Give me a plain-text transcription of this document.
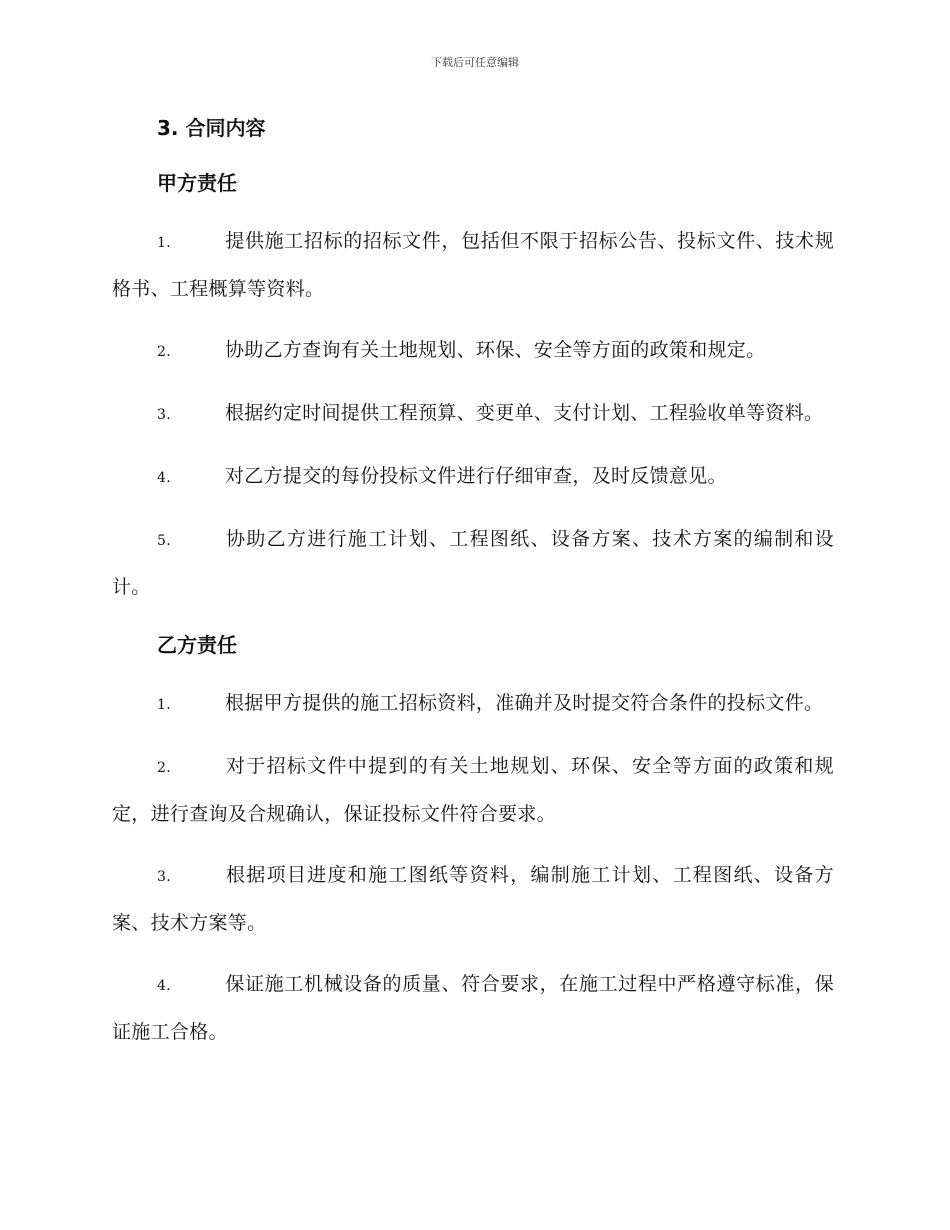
下载后可任意编辑
3. 合同内容
甲方责任

1.	提供施工招标的招标文件，包括但不限于招标公告、投标文件、技术规格书、工程概算等资料。

2.	协助乙方查询有关土地规划、环保、安全等方面的政策和规定。

3.	根据约定时间提供工程预算、变更单、支付计划、工程验收单等资料。

4.	对乙方提交的每份投标文件进行仔细审查，及时反馈意见。

5.	协助乙方进行施工计划、工程图纸、设备方案、技术方案的编制和设计。

乙方责任

1.	根据甲方提供的施工招标资料，准确并及时提交符合条件的投标文件。

2.	对于招标文件中提到的有关土地规划、环保、安全等方面的政策和规定，进行查询及合规确认，保证投标文件符合要求。

3.	根据项目进度和施工图纸等资料，编制施工计划、工程图纸、设备方案、技术方案等。

4.	保证施工机械设备的质量、符合要求，在施工过程中严格遵守标准，保证施工合格。
